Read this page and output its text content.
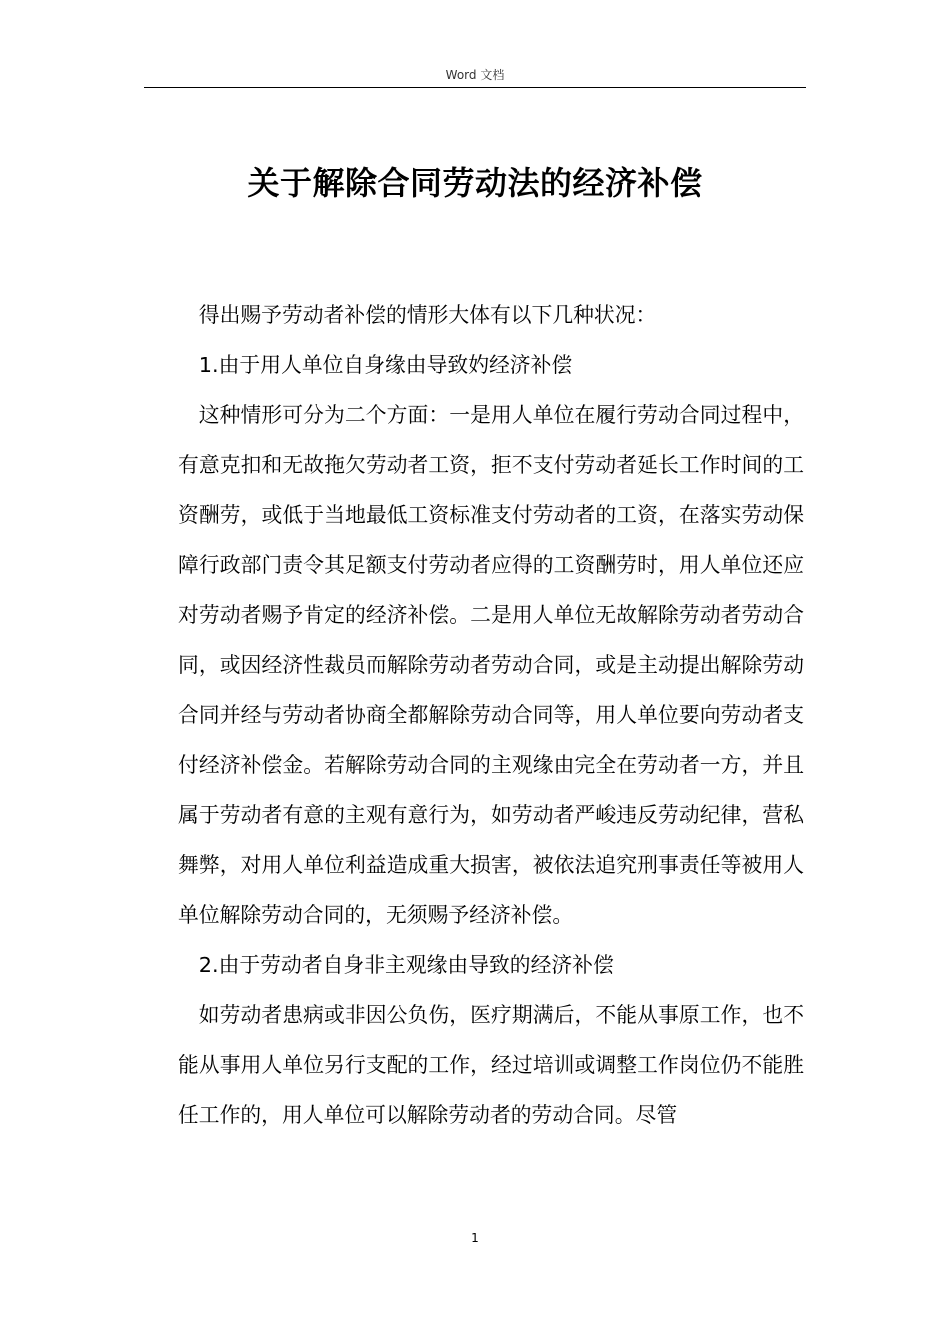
Word 文档
关于解除合同劳动法的经济补偿

得出赐予劳动者补偿的情形大体有以下几种状况：

1.由于用人单位自身缘由导致妁经济补偿

这种情形可分为二个方面：一是用人单位在履行劳动合同过程中，有意克扣和无故拖欠劳动者工资，拒不支付劳动者延长工作时间的工资酬劳，或低于当地最低工资标准支付劳动者的工资，在落实劳动保障行政部门责令其足额支付劳动者应得的工资酬劳时，用人单位还应对劳动者赐予肯定的经济补偿。二是用人单位无故解除劳动者劳动合同，或因经济性裁员而解除劳动者劳动合同，或是主动提出解除劳动合同并经与劳动者协商全都解除劳动合同等，用人单位要向劳动者支付经济补偿金。若解除劳动合同的主观缘由完全在劳动者一方，并且属于劳动者有意的主观有意行为，如劳动者严峻违反劳动纪律，营私舞弊，对用人单位利益造成重大损害，被依法追究刑事责任等被用人单位解除劳动合同的，无须赐予经济补偿。

2.由于劳动者自身非主观缘由导致的经济补偿

如劳动者患病或非因公负伤，医疗期满后，不能从事原工作，也不能从事用人单位另行支配的工作，经过培训或调整工作岗位仍不能胜任工作的，用人单位可以解除劳动者的劳动合同。尽管

1
